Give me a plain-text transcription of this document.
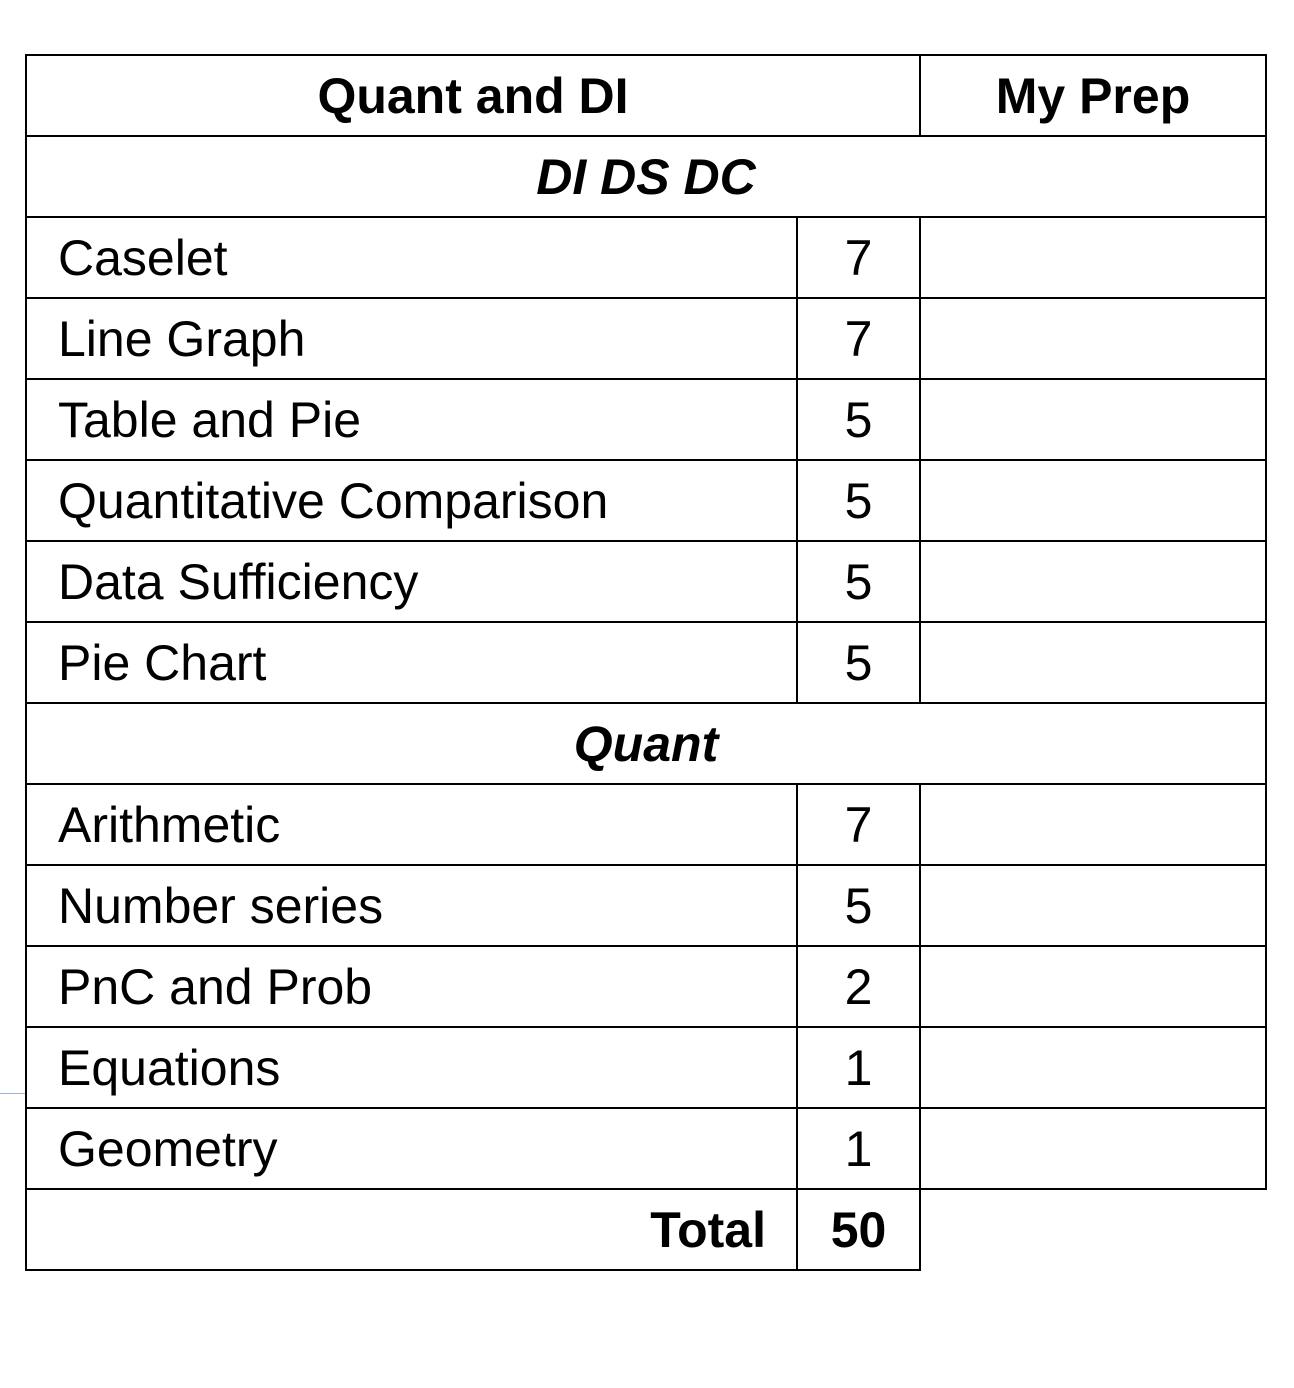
Quant and DI		My Prep
DI DS DC		
Caselet	7	
Line Graph	7	
Table and Pie	5	
Quantitative Comparison	5	
Data Sufficiency	5	
Pie Chart	5	
Quant		
Arithmetic	7	
Number series	5	
PnC and Prob	2	
Equations	1	
Geometry	1	
Total	50	
